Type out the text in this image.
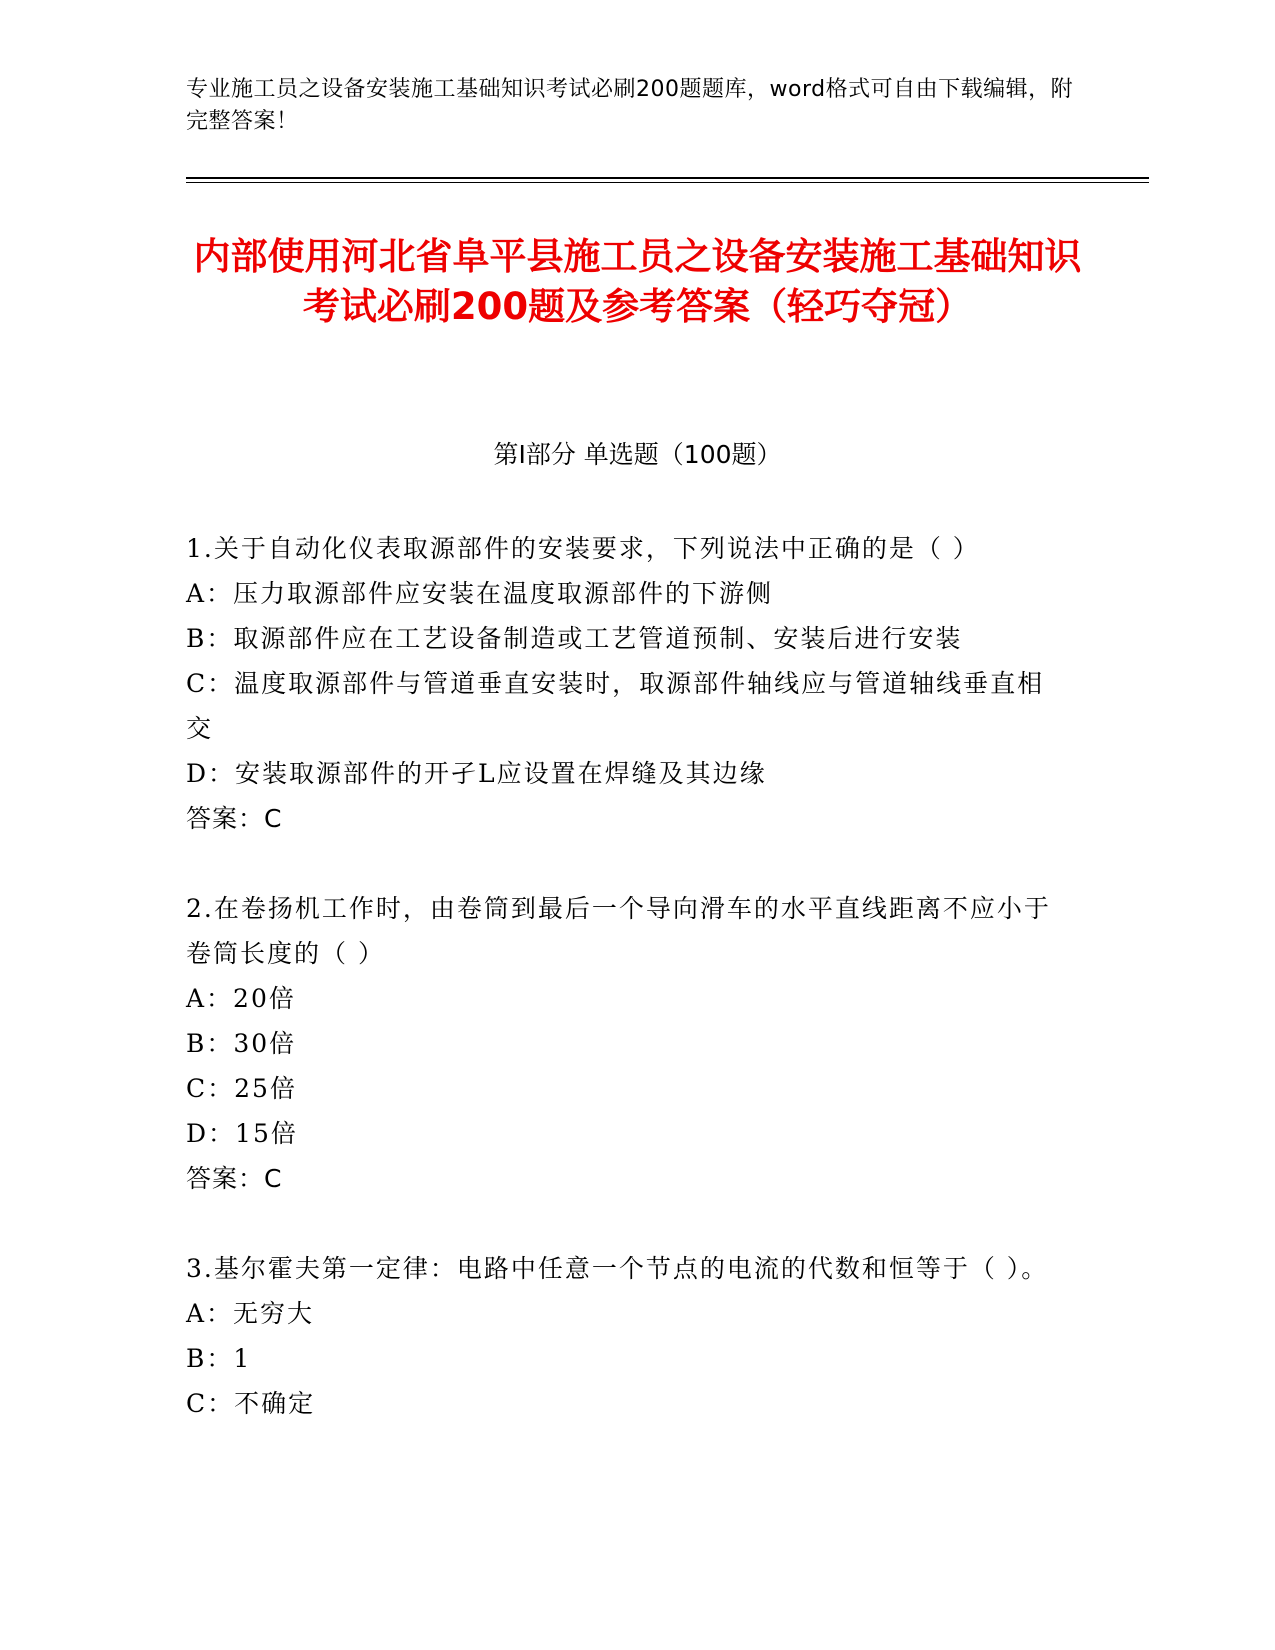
专业施工员之设备安装施工基础知识考试必刷200题题库，word格式可自由下载编辑，附完整答案！
内部使用河北省阜平县施工员之设备安装施工基础知识考试必刷200题及参考答案（轻巧夺冠）
第Ⅰ部分 单选题（100题）

1.关于自动化仪表取源部件的安装要求，下列说法中正确的是（ ）

A：压力取源部件应安装在温度取源部件的下游侧

B：取源部件应在工艺设备制造或工艺管道预制、安装后进行安装

C：温度取源部件与管道垂直安装时，取源部件轴线应与管道轴线垂直相交

D：安装取源部件的开孑L应设置在焊缝及其边缘

答案：C

2.在卷扬机工作时，由卷筒到最后一个导向滑车的水平直线距离不应小于卷筒长度的（ ）

A：20倍

B：30倍

C：25倍

D：15倍

答案：C

3.基尔霍夫第一定律：电路中任意一个节点的电流的代数和恒等于（ ）。

A：无穷大

B：1

C：不确定
